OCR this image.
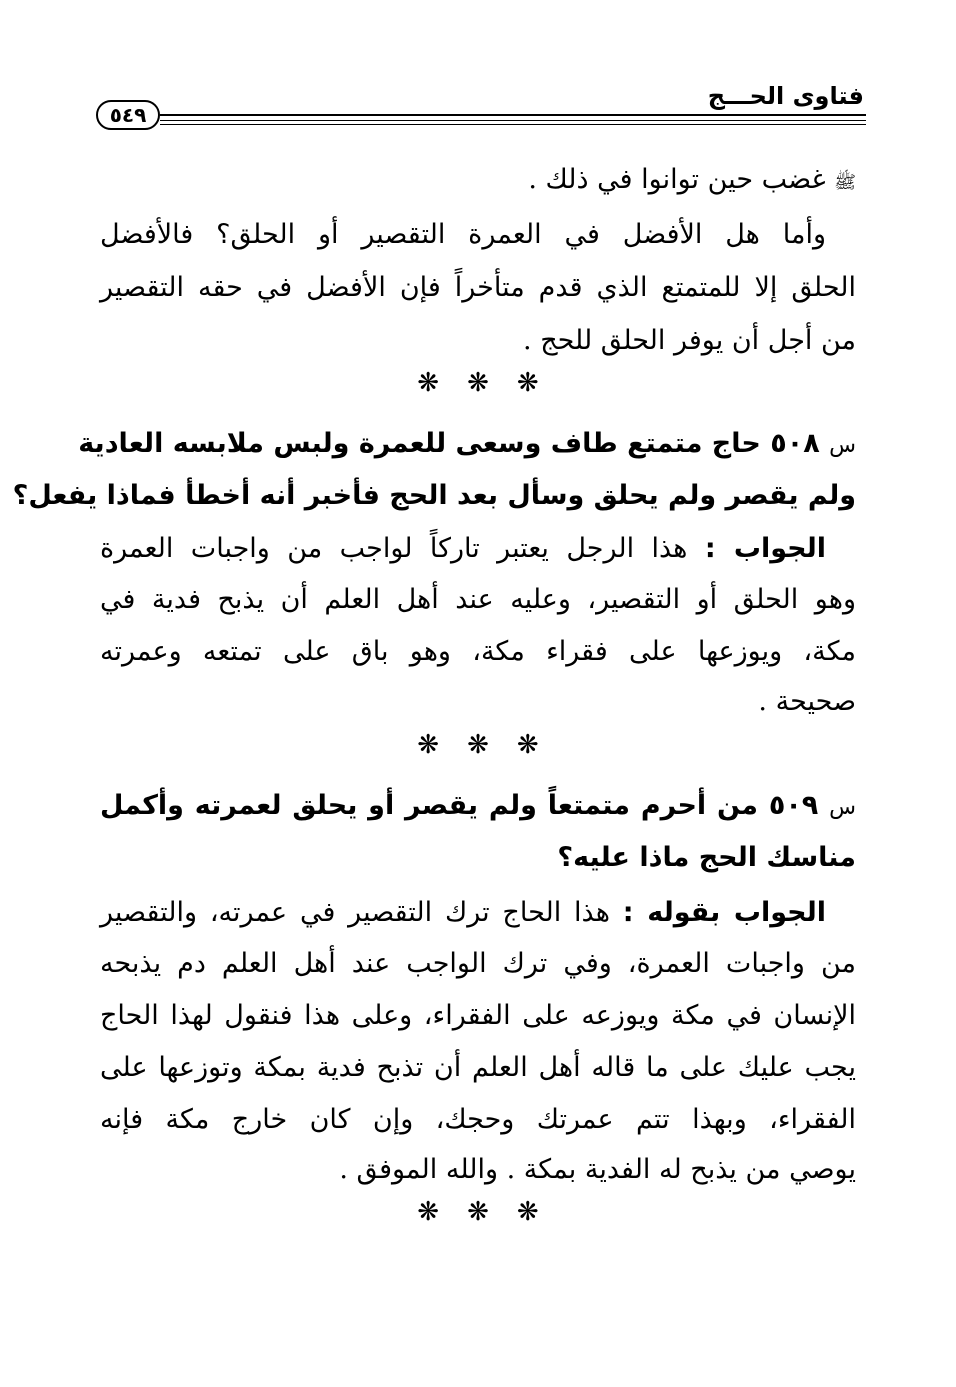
فتاوى الحـــج
٥٤٩
ﷺ غضب حين توانوا في ذلك .
وأما هل الأفضل في العمرة التقصير أو الحلق؟ فالأفضل
الحلق إلا للمتمتع الذي قدم متأخراً فإن الأفضل في حقه التقصير
من أجل أن يوفر الحلق للحج .
❋ ❋ ❋
س ٥٠٨ حاج متمتع طاف وسعى للعمرة ولبس ملابسه العادية
ولم يقصر ولم يحلق وسأل بعد الحج فأخبر أنه أخطأ فماذا يفعل؟
الجواب : هذا الرجل يعتبر تاركاً لواجب من واجبات العمرة
وهو الحلق أو التقصير، وعليه عند أهل العلم أن يذبح فدية في
مكة، ويوزعها على فقراء مكة، وهو باق على تمتعه وعمرته
صحيحة .
❋ ❋ ❋
س ٥٠٩ من أحرم متمتعاً ولم يقصر أو يحلق لعمرته وأكمل
مناسك الحج ماذا عليه؟
الجواب بقوله : هذا الحاج ترك التقصير في عمرته، والتقصير
من واجبات العمرة، وفي ترك الواجب عند أهل العلم دم يذبحه
الإنسان في مكة ويوزعه على الفقراء، وعلى هذا فنقول لهذا الحاج
يجب عليك على ما قاله أهل العلم أن تذبح فدية بمكة وتوزعها على
الفقراء، وبهذا تتم عمرتك وحجك، وإن كان خارج مكة فإنه
يوصي من يذبح له الفدية بمكة . والله الموفق .
❋ ❋ ❋
